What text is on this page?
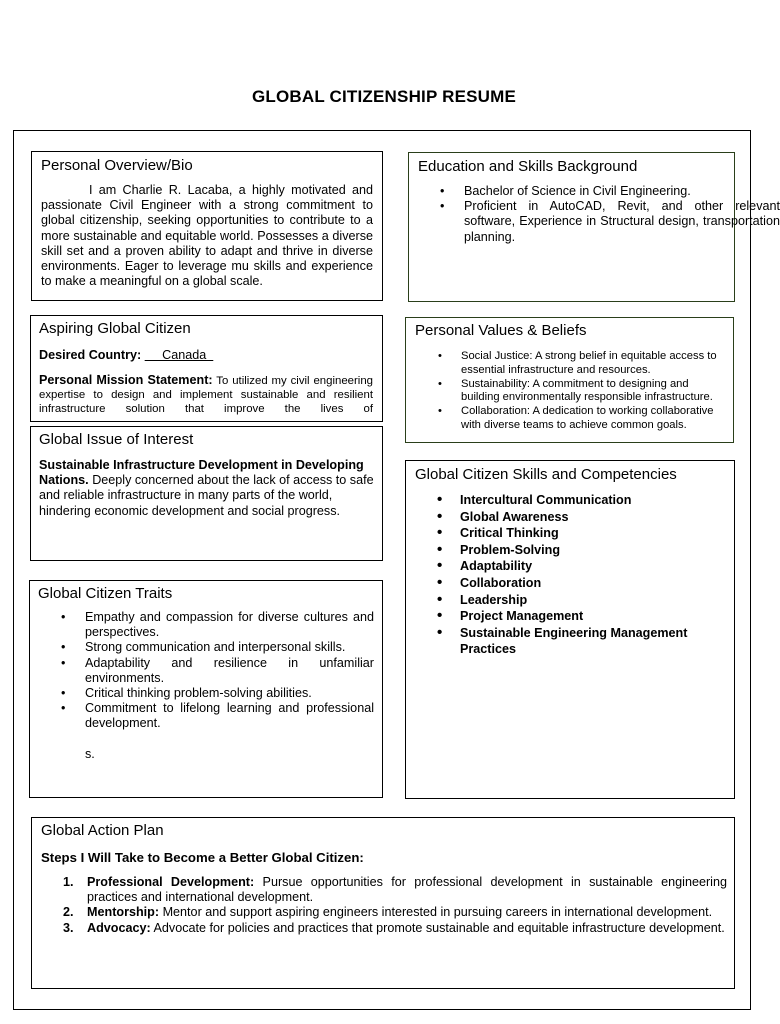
GLOBAL CITIZENSHIP RESUME
Personal Overview/Bio
I am Charlie R. Lacaba, a highly motivated and passionate Civil Engineer with a strong commitment to global citizenship, seeking opportunities to contribute to a more sustainable and equitable world. Possesses a diverse skill set and a proven ability to adapt and thrive in diverse environments. Eager to leverage mu skills and experience to make a meaningful on a global scale.
Education and Skills Background
• Bachelor of Science in Civil Engineering.
• Proficient in AutoCAD, Revit, and other relevant software, Experience in Structural design, transportation planning.
Aspiring Global Citizen
Desired Country:      Canada
Personal Mission Statement: To utilized my civil engineering expertise to design and implement sustainable and resilient infrastructure solution that improve the lives of
Personal Values & Beliefs
• Social Justice: A strong belief in equitable access to essential infrastructure and resources.
• Sustainability: A commitment to designing and building environmentally responsible infrastructure.
• Collaboration: A dedication to working collaborative with diverse teams to achieve common goals.
Global Issue of Interest
Sustainable Infrastructure Development in Developing Nations. Deeply concerned about the lack of access to safe and reliable infrastructure in many parts of the world, hindering economic development and social progress.
Global Citizen Skills and Competencies
• Intercultural Communication
• Global Awareness
• Critical Thinking
• Problem-Solving
• Adaptability
• Collaboration
• Leadership
• Project Management
• Sustainable Engineering Management Practices
Global Citizen Traits
• Empathy and compassion for diverse cultures and perspectives.
• Strong communication and interpersonal skills.
• Adaptability and resilience in unfamiliar environments.
• Critical thinking problem-solving abilities.
• Commitment to lifelong learning and professional development.
s.
Global Action Plan
Steps I Will Take to Become a Better Global Citizen:
1. Professional Development: Pursue opportunities for professional development in sustainable engineering practices and international development.
2. Mentorship: Mentor and support aspiring engineers interested in pursuing careers in international development.
3. Advocacy: Advocate for policies and practices that promote sustainable and equitable infrastructure development.
